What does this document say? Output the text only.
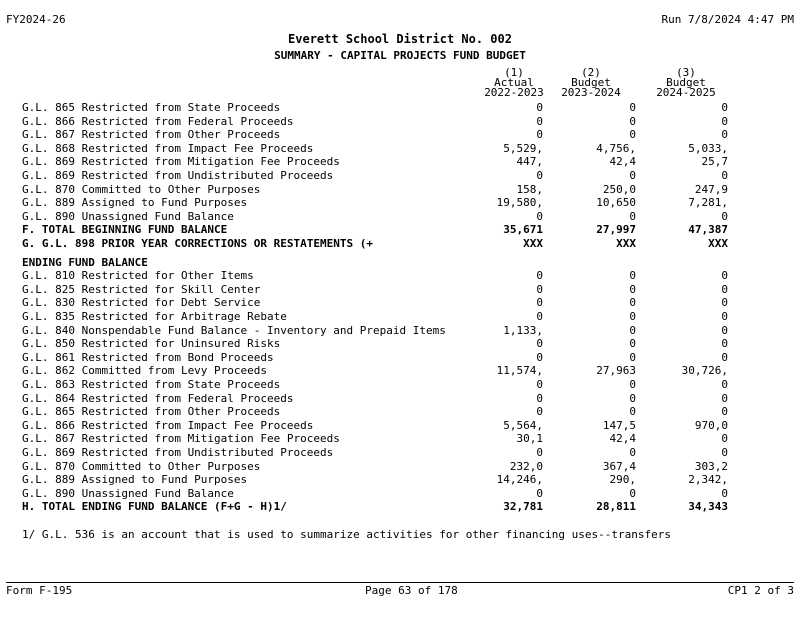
FY2024-26	Run 7/8/2024 4:47 PM
Everett School District No. 002
SUMMARY - CAPITAL PROJECTS FUND BUDGET
(1)
Actual
2022-2023
(2)
Budget
2023-2024
(3)
Budget
2024-2025
G.L. 865 Restricted from State Proceeds	0	0	0
G.L. 866 Restricted from Federal Proceeds	0	0	0
G.L. 867 Restricted from Other Proceeds	0	0	0
G.L. 868 Restricted from Impact Fee Proceeds	5,529,	4,756,	5,033,
G.L. 869 Restricted from Mitigation Fee Proceeds	447,	42,4	25,7
G.L. 869 Restricted from Undistributed Proceeds	0	0	0
G.L. 870 Committed to Other Purposes	158,	250,0	247,9
G.L. 889 Assigned to Fund Purposes	19,580,	10,650	7,281,
G.L. 890 Unassigned Fund Balance	0	0	0
F. TOTAL BEGINNING FUND BALANCE	35,671	27,997	47,387
G. G.L. 898 PRIOR YEAR CORRECTIONS OR RESTATEMENTS (+	XXX	XXX	XXX
ENDING FUND BALANCE
G.L. 810 Restricted for Other Items	0	0	0
G.L. 825 Restricted for Skill Center	0	0	0
G.L. 830 Restricted for Debt Service	0	0	0
G.L. 835 Restricted for Arbitrage Rebate	0	0	0
G.L. 840 Nonspendable Fund Balance - Inventory and Prepaid Items	1,133,	0	0
G.L. 850 Restricted for Uninsured Risks	0	0	0
G.L. 861 Restricted from Bond Proceeds	0	0	0
G.L. 862 Committed from Levy Proceeds	11,574,	27,963	30,726,
G.L. 863 Restricted from State Proceeds	0	0	0
G.L. 864 Restricted from Federal Proceeds	0	0	0
G.L. 865 Restricted from Other Proceeds	0	0	0
G.L. 866 Restricted from Impact Fee Proceeds	5,564,	147,5	970,0
G.L. 867 Restricted from Mitigation Fee Proceeds	30,1	42,4	0
G.L. 869 Restricted from Undistributed Proceeds	0	0	0
G.L. 870 Committed to Other Purposes	232,0	367,4	303,2
G.L. 889 Assigned to Fund Purposes	14,246,	290,	2,342,
G.L. 890 Unassigned Fund Balance	0	0	0
H. TOTAL ENDING FUND BALANCE (F+G - H)1/	32,781	28,811	34,343
1/ G.L. 536 is an account that is used to summarize activities for other financing uses--transfers
Form F-195	Page 63 of 178	CP1 2 of 3
